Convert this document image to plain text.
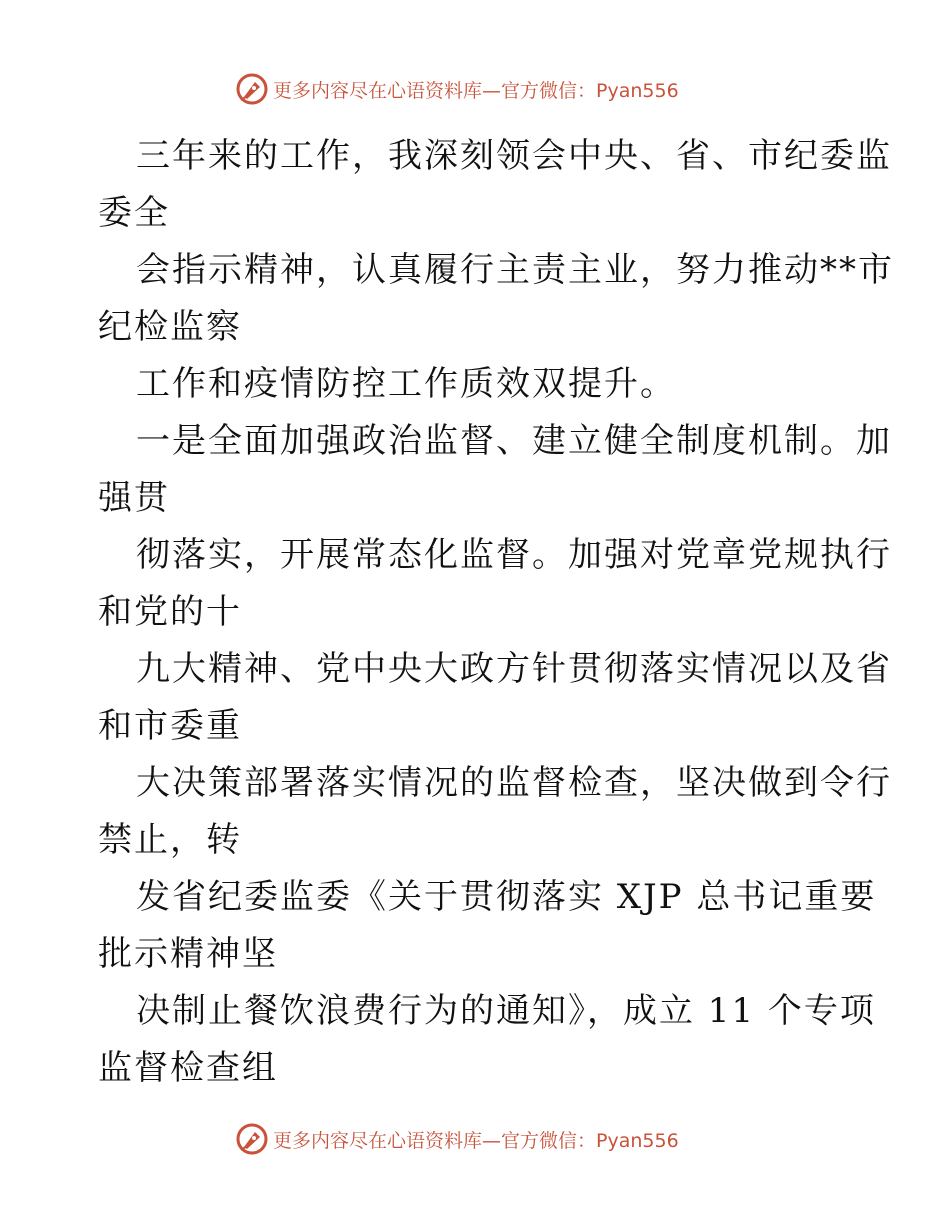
更多内容尽在心语资料库—官方微信：Pyan556

三年来的工作，我深刻领会中央、省、市纪委监
委全

会指示精神，认真履行主责主业，努力推动**市
纪检监察

工作和疫情防控工作质效双提升。

一是全面加强政治监督、建立健全制度机制。加
强贯

彻落实，开展常态化监督。加强对党章党规执行
和党的十

九大精神、党中央大政方针贯彻落实情况以及省
和市委重

大决策部署落实情况的监督检查，坚决做到令行
禁止，转

发省纪委监委《关于贯彻落实 XJP 总书记重要
批示精神坚

决制止餐饮浪费行为的通知》，成立 11 个专项
监督检查组

更多内容尽在心语资料库—官方微信：Pyan556
